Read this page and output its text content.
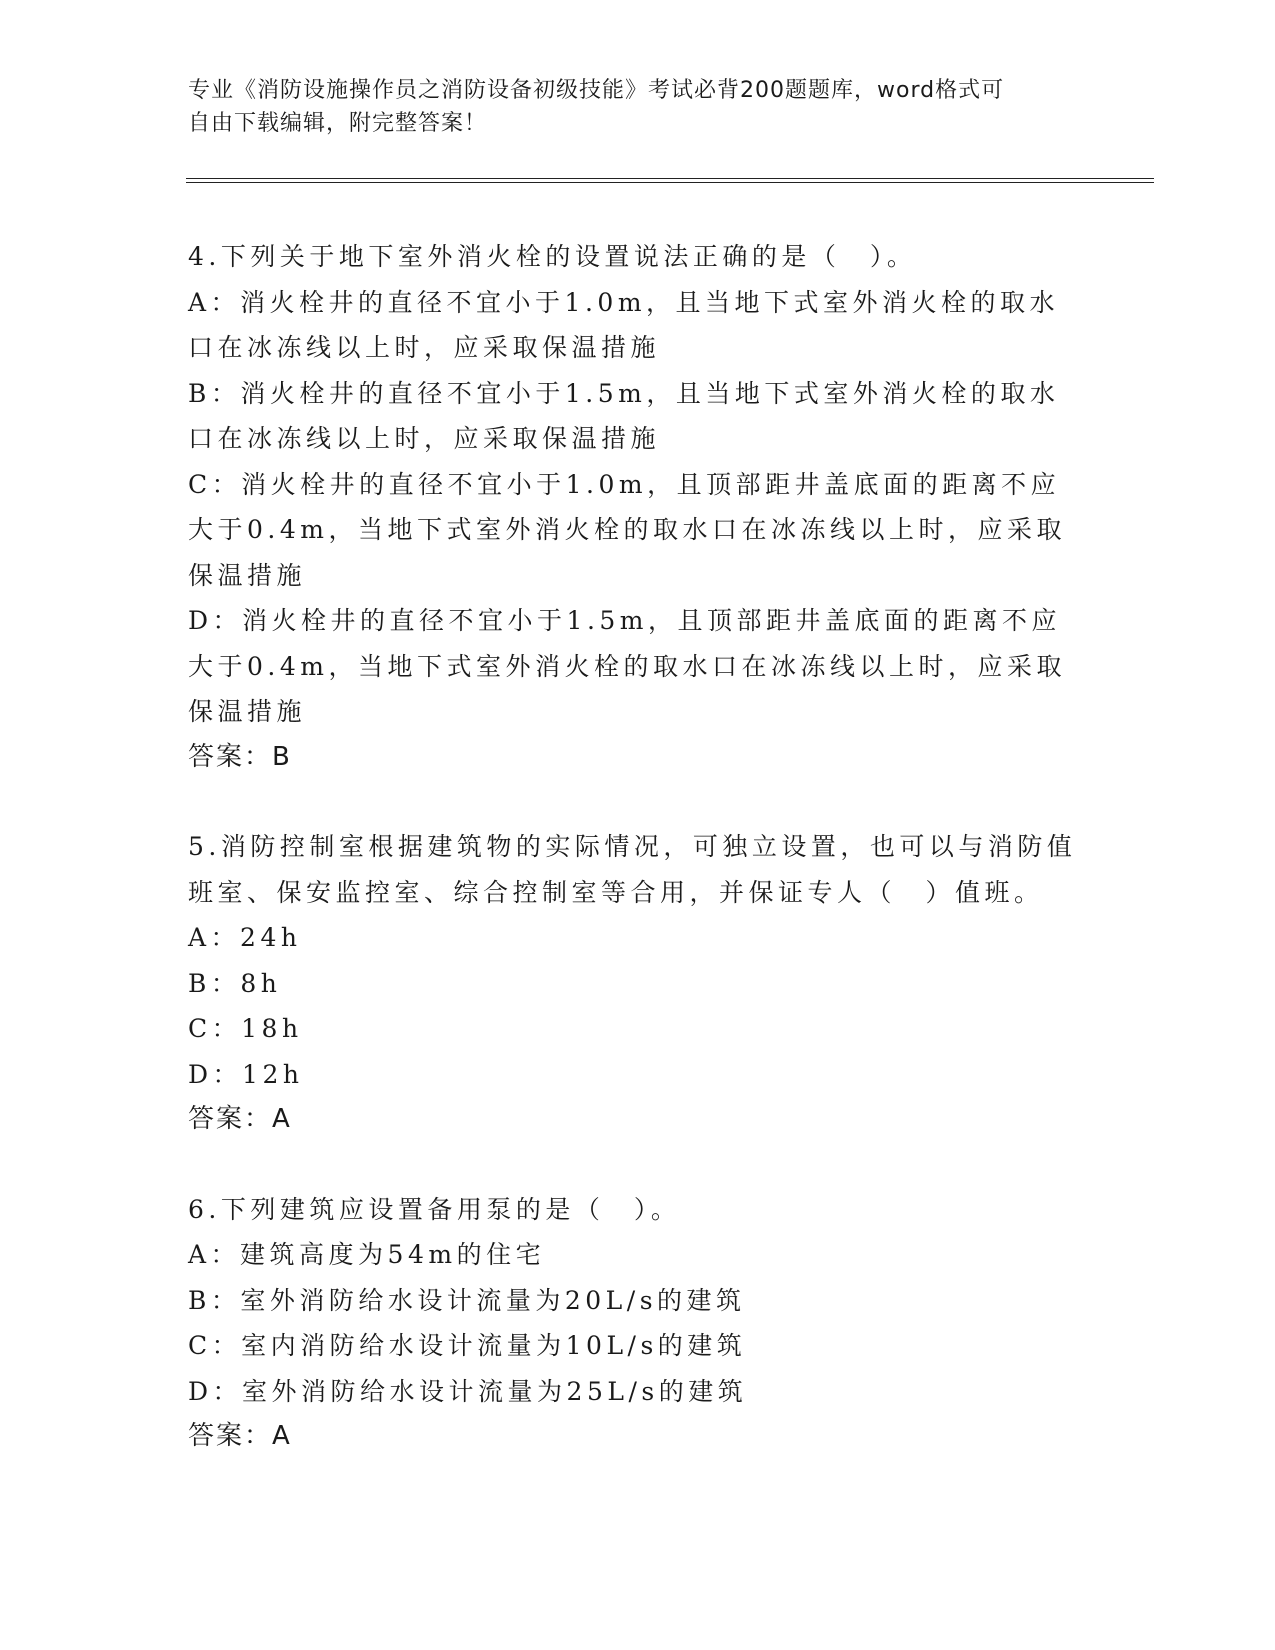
专业《消防设施操作员之消防设备初级技能》考试必背200题题库，word格式可
自由下载编辑，附完整答案！
4.下列关于地下室外消火栓的设置说法正确的是（　）。
A：消火栓井的直径不宜小于1.0m，且当地下式室外消火栓的取水口在冰冻线以上时，应采取保温措施
B：消火栓井的直径不宜小于1.5m，且当地下式室外消火栓的取水口在冰冻线以上时，应采取保温措施
C：消火栓井的直径不宜小于1.0m，且顶部距井盖底面的距离不应大于0.4m，当地下式室外消火栓的取水口在冰冻线以上时，应采取保温措施
D：消火栓井的直径不宜小于1.5m，且顶部距井盖底面的距离不应大于0.4m，当地下式室外消火栓的取水口在冰冻线以上时，应采取保温措施
答案：B
5.消防控制室根据建筑物的实际情况，可独立设置，也可以与消防值班室、保安监控室、综合控制室等合用，并保证专人（　）值班。
A：24h
B：8h
C：18h
D：12h
答案：A
6.下列建筑应设置备用泵的是（　）。
A：建筑高度为54m的住宅
B：室外消防给水设计流量为20L/s的建筑
C：室内消防给水设计流量为10L/s的建筑
D：室外消防给水设计流量为25L/s的建筑
答案：A
